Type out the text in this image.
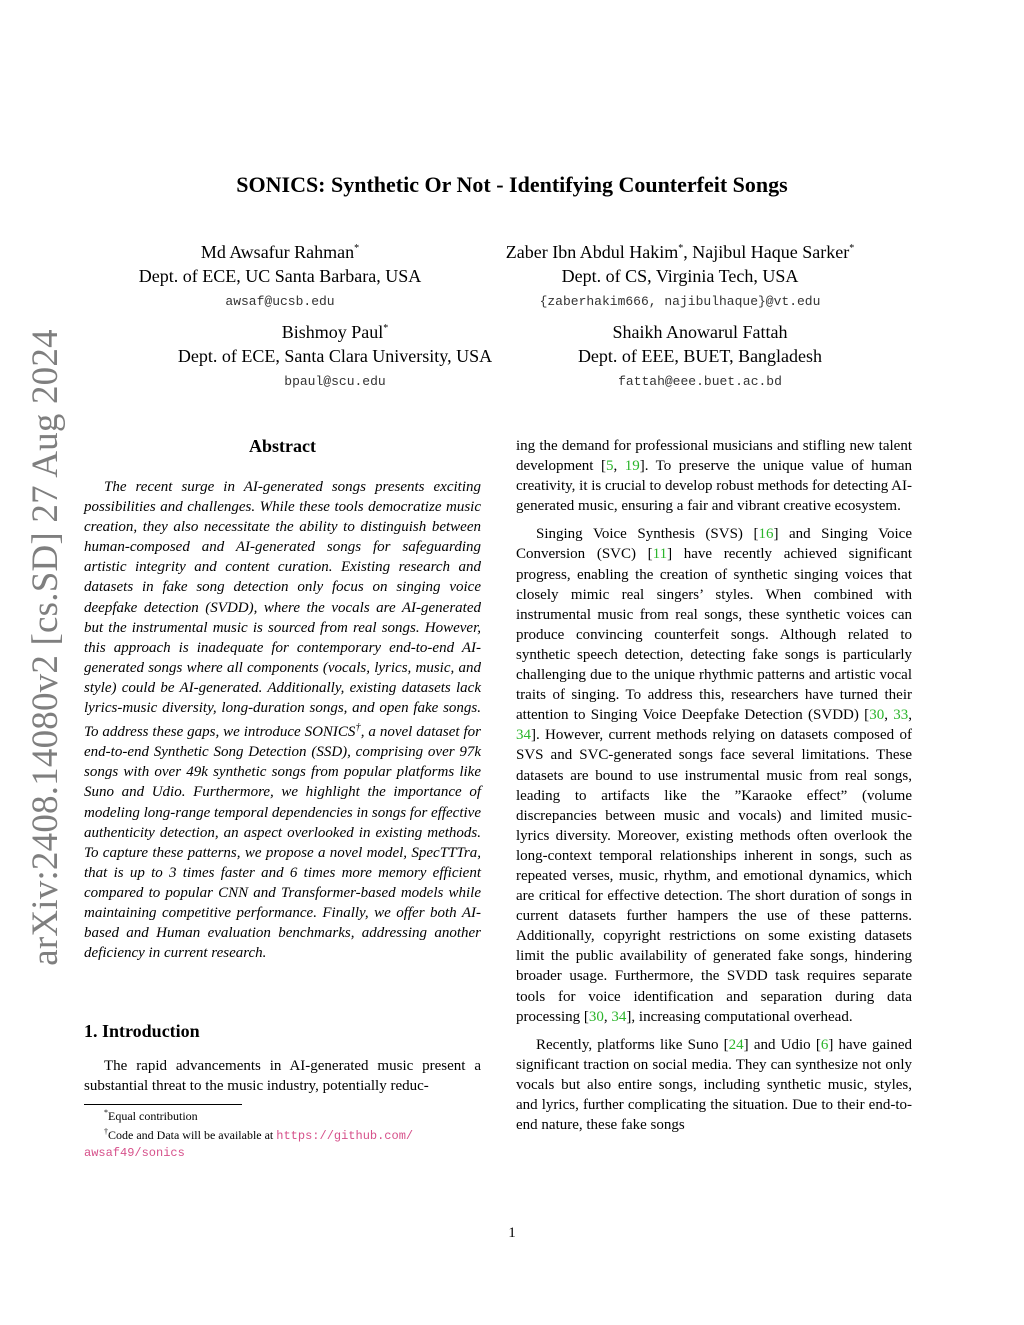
arXiv:2408.14080v2 [cs.SD] 27 Aug 2024
SONICS: Synthetic Or Not - Identifying Counterfeit Songs
Md Awsafur Rahman*
Dept. of ECE, UC Santa Barbara, USA
awsaf@ucsb.edu
Zaber Ibn Abdul Hakim*, Najibul Haque Sarker*
Dept. of CS, Virginia Tech, USA
{zaberhakim666, najibulhaque}@vt.edu
Bishmoy Paul*
Dept. of ECE, Santa Clara University, USA
bpaul@scu.edu
Shaikh Anowarul Fattah
Dept. of EEE, BUET, Bangladesh
fattah@eee.buet.ac.bd
Abstract
The recent surge in AI-generated songs presents exciting possibilities and challenges. While these tools democratize music creation, they also necessitate the ability to distinguish between human-composed and AI-generated songs for safeguarding artistic integrity and content curation. Existing research and datasets in fake song detection only focus on singing voice deepfake detection (SVDD), where the vocals are AI-generated but the instrumental music is sourced from real songs. However, this approach is inadequate for contemporary end-to-end AI-generated songs where all components (vocals, lyrics, music, and style) could be AI-generated. Additionally, existing datasets lack lyrics-music diversity, long-duration songs, and open fake songs. To address these gaps, we introduce SONICS†, a novel dataset for end-to-end Synthetic Song Detection (SSD), comprising over 97k songs with over 49k synthetic songs from popular platforms like Suno and Udio. Furthermore, we highlight the importance of modeling long-range temporal dependencies in songs for effective authenticity detection, an aspect overlooked in existing methods. To capture these patterns, we propose a novel model, SpecTTTra, that is up to 3 times faster and 6 times more memory efficient compared to popular CNN and Transformer-based models while maintaining competitive performance. Finally, we offer both AI-based and Human evaluation benchmarks, addressing another deficiency in current research.
1. Introduction
The rapid advancements in AI-generated music present a substantial threat to the music industry, potentially reduc-
*Equal contribution
†Code and Data will be available at https://github.com/
awsaf49/sonics

ing the demand for professional musicians and stifling new talent development [5, 19]. To preserve the unique value of human creativity, it is crucial to develop robust methods for detecting AI-generated music, ensuring a fair and vibrant creative ecosystem.

Singing Voice Synthesis (SVS) [16] and Singing Voice Conversion (SVC) [11] have recently achieved significant progress, enabling the creation of synthetic singing voices that closely mimic real singers’ styles. When combined with instrumental music from real songs, these synthetic voices can produce convincing counterfeit songs. Although related to synthetic speech detection, detecting fake songs is particularly challenging due to the unique rhythmic patterns and artistic vocal traits of singing. To address this, researchers have turned their attention to Singing Voice Deepfake Detection (SVDD) [30, 33, 34]. However, current methods relying on datasets composed of SVS and SVC-generated songs face several limitations. These datasets are bound to use instrumental music from real songs, leading to artifacts like the ”Karaoke effect” (volume discrepancies between music and vocals) and limited music-lyrics diversity. Moreover, existing methods often overlook the long-context temporal relationships inherent in songs, such as repeated verses, music, rhythm, and emotional dynamics, which are critical for effective detection. The short duration of songs in current datasets further hampers the use of these patterns. Additionally, copyright restrictions on some existing datasets limit the public availability of generated fake songs, hindering broader usage. Furthermore, the SVDD task requires separate tools for voice identification and separation during data processing [30, 34], increasing computational overhead.

Recently, platforms like Suno [24] and Udio [6] have gained significant traction on social media. They can synthesize not only vocals but also entire songs, including synthetic music, styles, and lyrics, further complicating the situation. Due to their end-to-end nature, these fake songs

1
